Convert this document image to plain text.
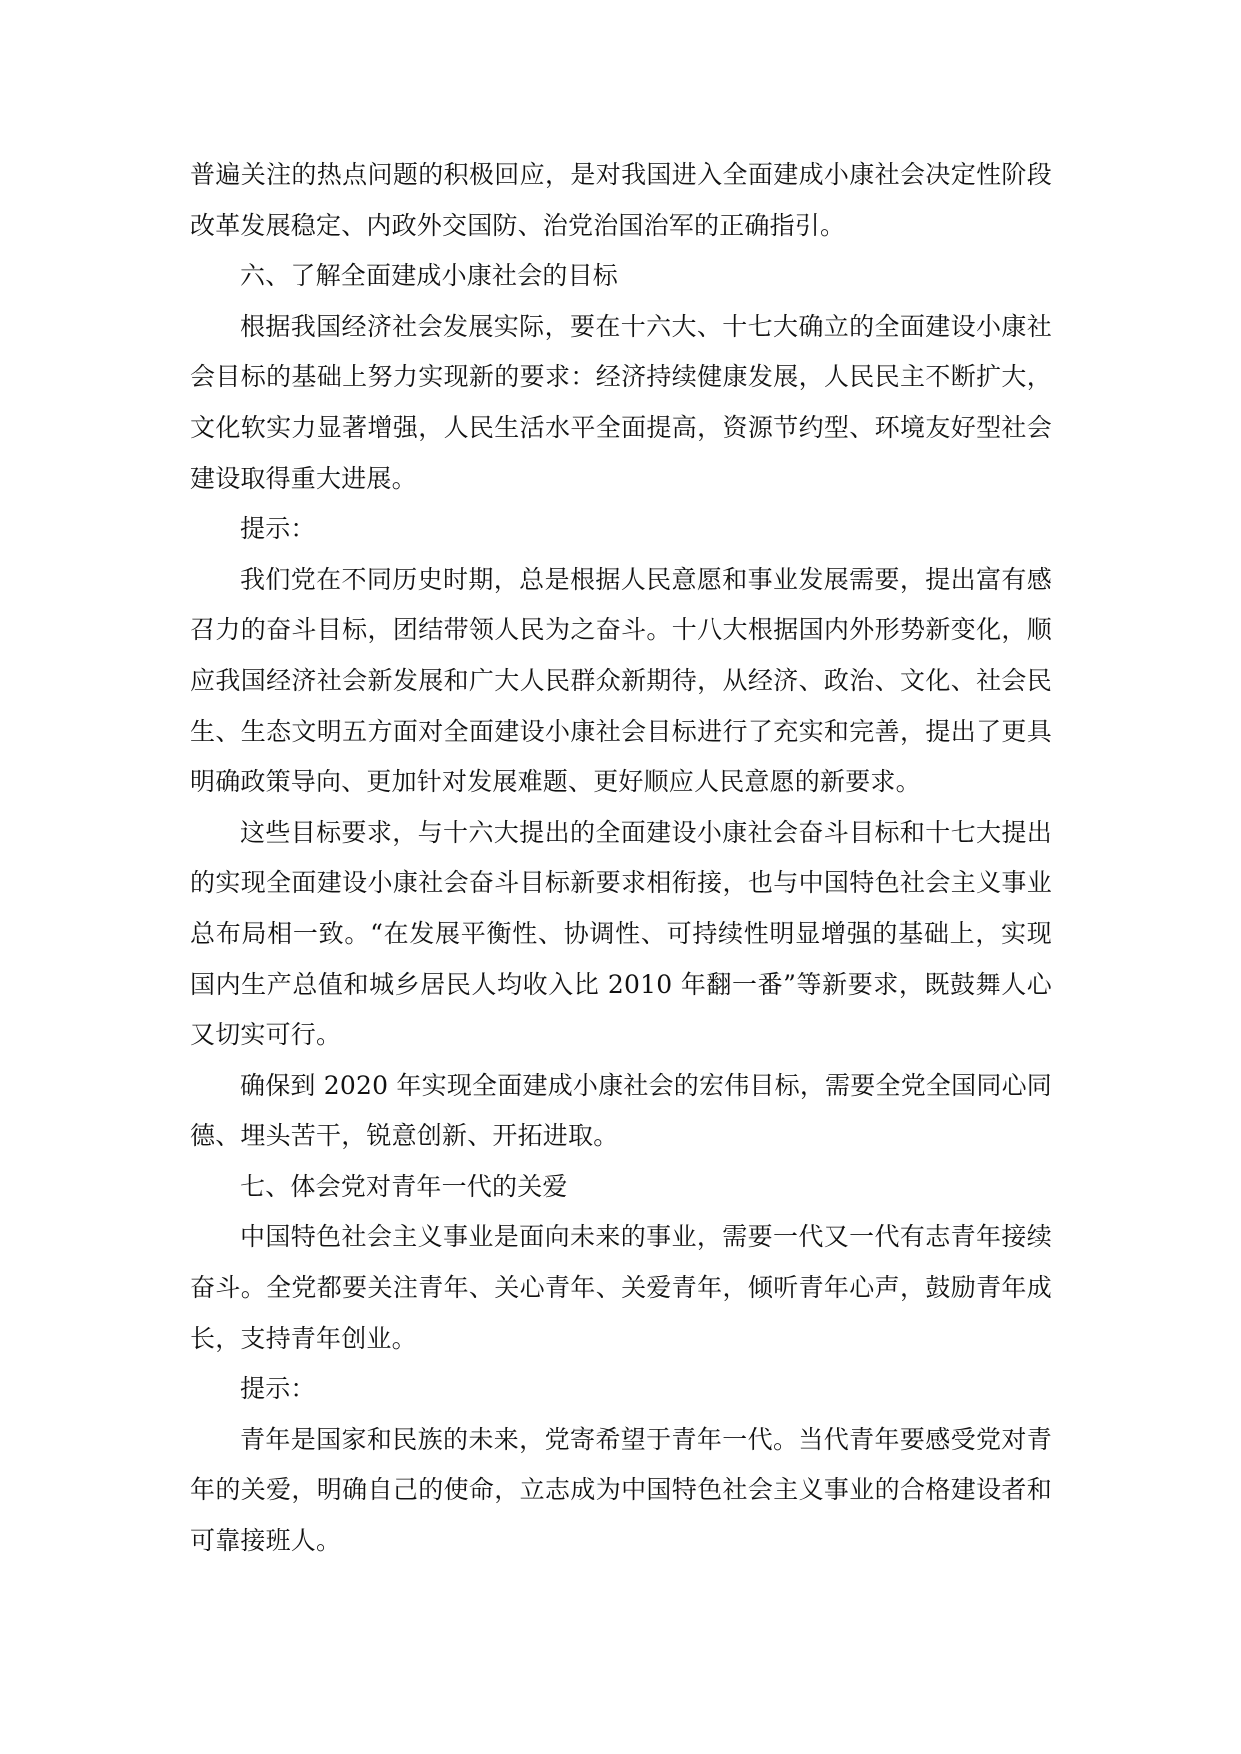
普遍关注的热点问题的积极回应，是对我国进入全面建成小康社会决定性阶段改革发展稳定、内政外交国防、治党治国治军的正确指引。

六、了解全面建成小康社会的目标

根据我国经济社会发展实际，要在十六大、十七大确立的全面建设小康社会目标的基础上努力实现新的要求：经济持续健康发展，人民民主不断扩大，文化软实力显著增强，人民生活水平全面提高，资源节约型、环境友好型社会建设取得重大进展。

提示：

我们党在不同历史时期，总是根据人民意愿和事业发展需要，提出富有感召力的奋斗目标，团结带领人民为之奋斗。十八大根据国内外形势新变化，顺应我国经济社会新发展和广大人民群众新期待，从经济、政治、文化、社会民生、生态文明五方面对全面建设小康社会目标进行了充实和完善，提出了更具明确政策导向、更加针对发展难题、更好顺应人民意愿的新要求。

这些目标要求，与十六大提出的全面建设小康社会奋斗目标和十七大提出的实现全面建设小康社会奋斗目标新要求相衔接，也与中国特色社会主义事业总布局相一致。“在发展平衡性、协调性、可持续性明显增强的基础上，实现国内生产总值和城乡居民人均收入比 2010 年翻一番”等新要求，既鼓舞人心又切实可行。

确保到 2020 年实现全面建成小康社会的宏伟目标，需要全党全国同心同德、埋头苦干，锐意创新、开拓进取。

七、体会党对青年一代的关爱

中国特色社会主义事业是面向未来的事业，需要一代又一代有志青年接续奋斗。全党都要关注青年、关心青年、关爱青年，倾听青年心声，鼓励青年成长，支持青年创业。

提示：

青年是国家和民族的未来，党寄希望于青年一代。当代青年要感受党对青年的关爱，明确自己的使命，立志成为中国特色社会主义事业的合格建设者和可靠接班人。
